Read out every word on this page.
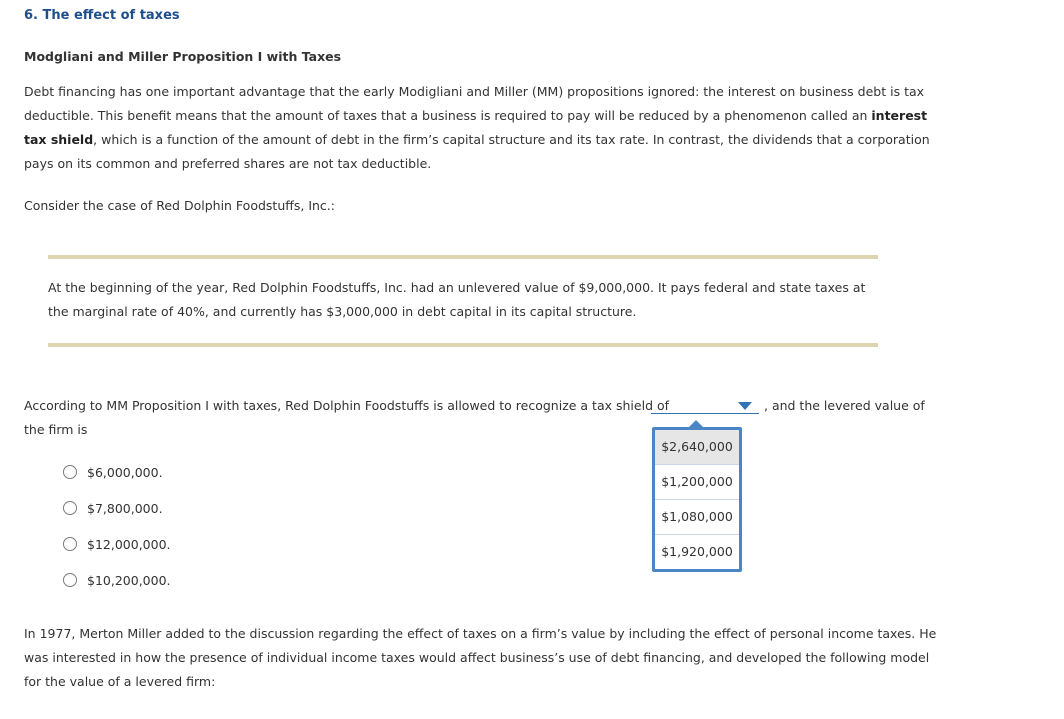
6. The effect of taxes
Modgliani and Miller Proposition I with Taxes
Debt financing has one important advantage that the early Modigliani and Miller (MM) propositions ignored: the interest on business debt is tax deductible. This benefit means that the amount of taxes that a business is required to pay will be reduced by a phenomenon called an interest tax shield, which is a function of the amount of debt in the firm’s capital structure and its tax rate. In contrast, the dividends that a corporation pays on its common and preferred shares are not tax deductible.
Consider the case of Red Dolphin Foodstuffs, Inc.:
At the beginning of the year, Red Dolphin Foodstuffs, Inc. had an unlevered value of $9,000,000. It pays federal and state taxes at the marginal rate of 40%, and currently has $3,000,000 in debt capital in its capital structure.
According to MM Proposition I with taxes, Red Dolphin Foodstuffs is allowed to recognize a tax shield of	, and the levered value of
the firm is
$2,640,000
$1,200,000
$1,080,000
$1,920,000
$6,000,000.
$7,800,000.
$12,000,000.
$10,200,000.
In 1977, Merton Miller added to the discussion regarding the effect of taxes on a firm’s value by including the effect of personal income taxes. He was interested in how the presence of individual income taxes would affect business’s use of debt financing, and developed the following model for the value of a levered firm:
